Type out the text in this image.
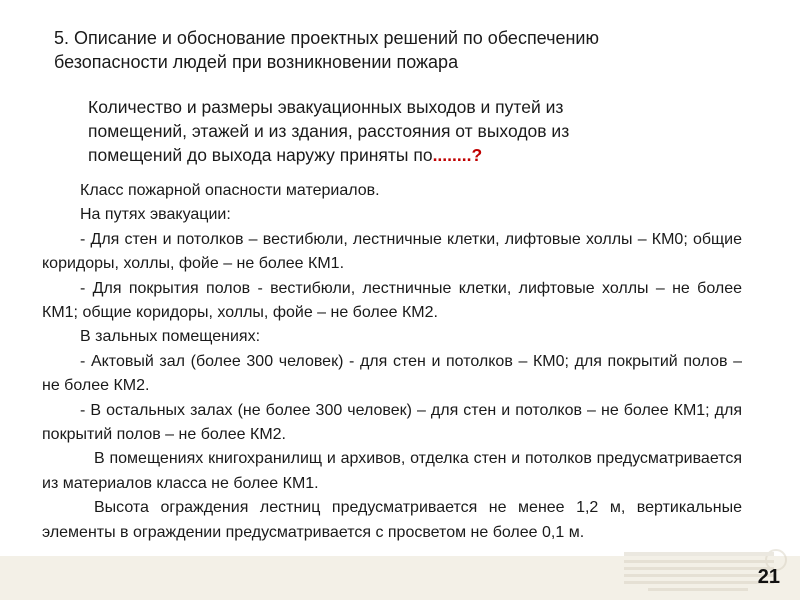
5. Описание и обоснование проектных решений по обеспечению
безопасности людей при возникновении пожара
Количество и размеры эвакуационных выходов и путей из
помещений, этажей и из здания, расстояния от выходов из
помещений до выхода наружу приняты по........?

Класс пожарной опасности материалов.

На путях эвакуации:

- Для стен и потолков – вестибюли, лестничные клетки, лифтовые холлы – КМ0; общие коридоры, холлы, фойе – не более КМ1.

- Для покрытия полов - вестибюли, лестничные клетки, лифтовые холлы – не более КМ1; общие коридоры, холлы, фойе – не более КМ2.

В зальных помещениях:

- Актовый зал (более 300 человек) - для стен и потолков – КМ0; для покрытий полов – не более КМ2.

- В остальных залах (не более 300 человек) – для стен и потолков – не более КМ1; для покрытий полов – не более КМ2.

В помещениях книгохранилищ и архивов, отделка стен и потолков предусматривается из материалов класса не более КМ1.

Высота ограждения лестниц предусматривается не менее 1,2 м, вертикальные элементы в ограждении предусматривается с просветом не более 0,1 м.

21
